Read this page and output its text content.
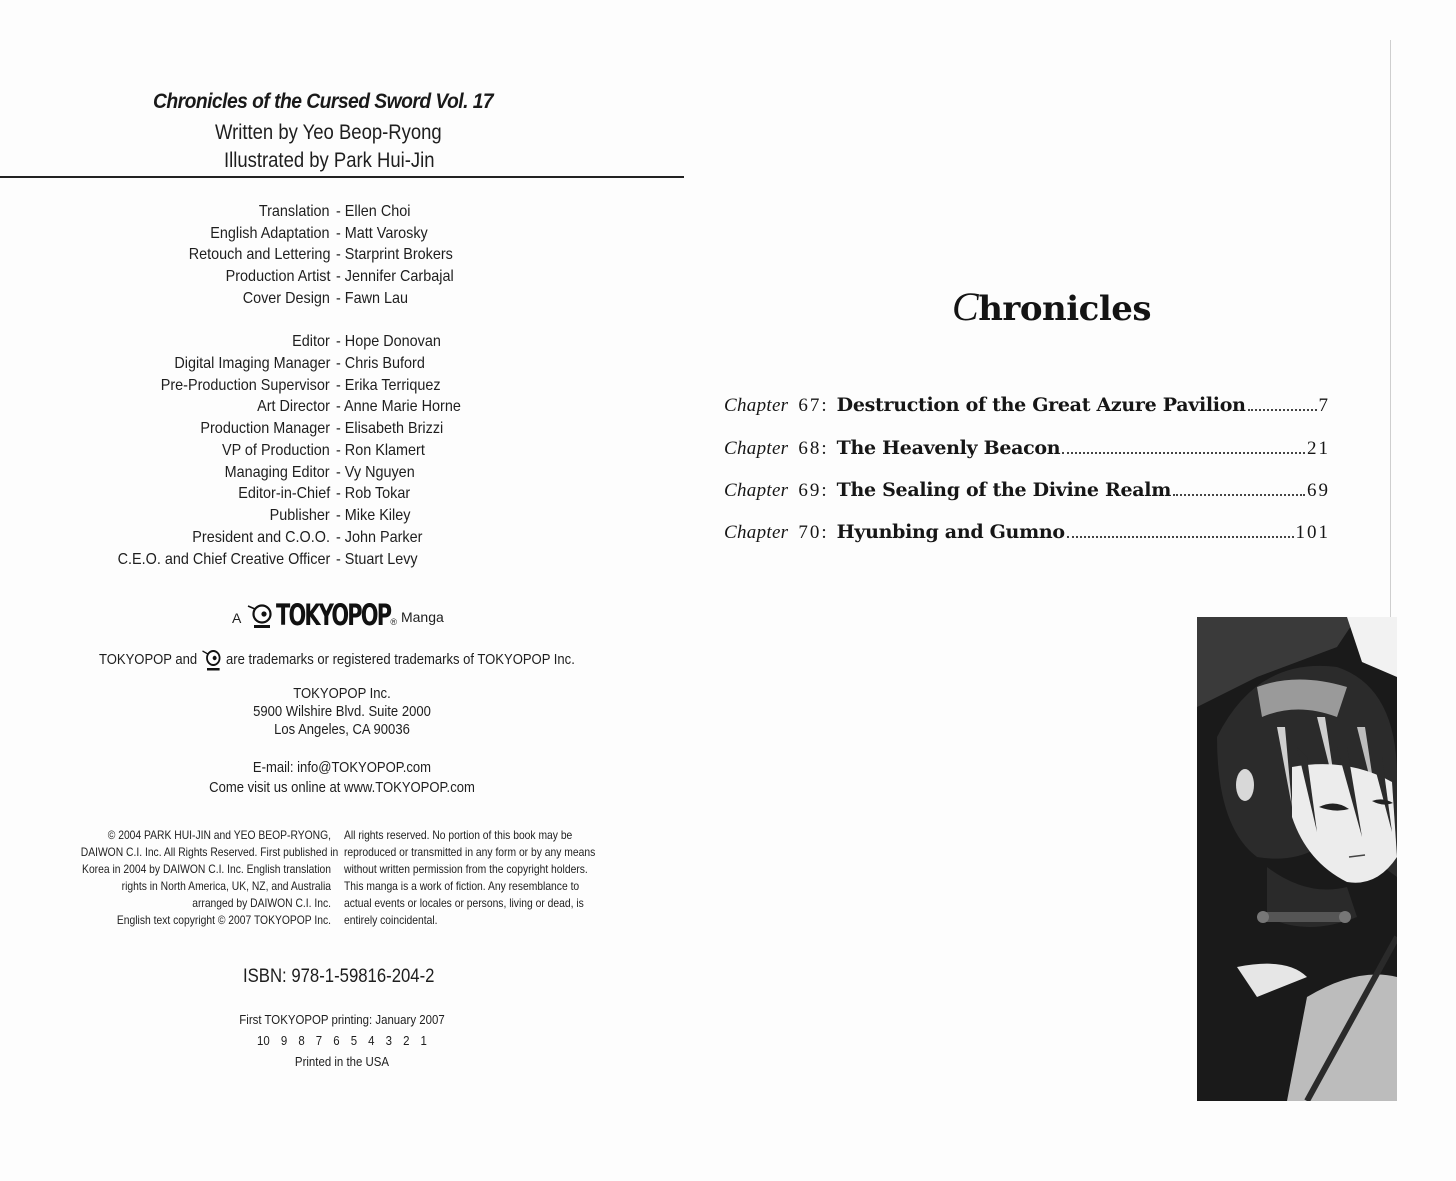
Chronicles of the Cursed Sword Vol. 17
Written by Yeo Beop-Ryong
Illustrated by Park Hui-Jin
Translation - Ellen Choi
English Adaptation - Matt Varosky
Retouch and Lettering - Starprint Brokers
Production Artist - Jennifer Carbajal
Cover Design - Fawn Lau
Editor - Hope Donovan
Digital Imaging Manager - Chris Buford
Pre-Production Supervisor - Erika Terriquez
Art Director - Anne Marie Horne
Production Manager - Elisabeth Brizzi
VP of Production - Ron Klamert
Managing Editor - Vy Nguyen
Editor-in-Chief - Rob Tokar
Publisher - Mike Kiley
President and C.O.O. - John Parker
C.E.O. and Chief Creative Officer - Stuart Levy
A TOKYOPOP ® Manga
TOKYOPOP and are trademarks or registered trademarks of TOKYOPOP Inc.
TOKYOPOP Inc.
5900 Wilshire Blvd. Suite 2000
Los Angeles, CA 90036
E-mail: info@TOKYOPOP.com
Come visit us online at www.TOKYOPOP.com
© 2004 PARK HUI-JIN and YEO BEOP-RYONG,
DAIWON C.I. Inc. All Rights Reserved. First published in
Korea in 2004 by DAIWON C.I. Inc. English translation
rights in North America, UK, NZ, and Australia
arranged by DAIWON C.I. Inc.
English text copyright © 2007 TOKYOPOP Inc.
All rights reserved. No portion of this book may be
reproduced or transmitted in any form or by any means
without written permission from the copyright holders.
This manga is a work of fiction. Any resemblance to
actual events or locales or persons, living or dead, is
entirely coincidental.
ISBN: 978-1-59816-204-2
First TOKYOPOP printing: January 2007
10 9 8 7 6 5 4 3 2 1
Printed in the USA
Chronicles
Chapter 67: Destruction of the Great Azure Pavilion	7
Chapter 68: The Heavenly Beacon	21
Chapter 69: The Sealing of the Divine Realm	69
Chapter 70: Hyunbing and Gumno	101
